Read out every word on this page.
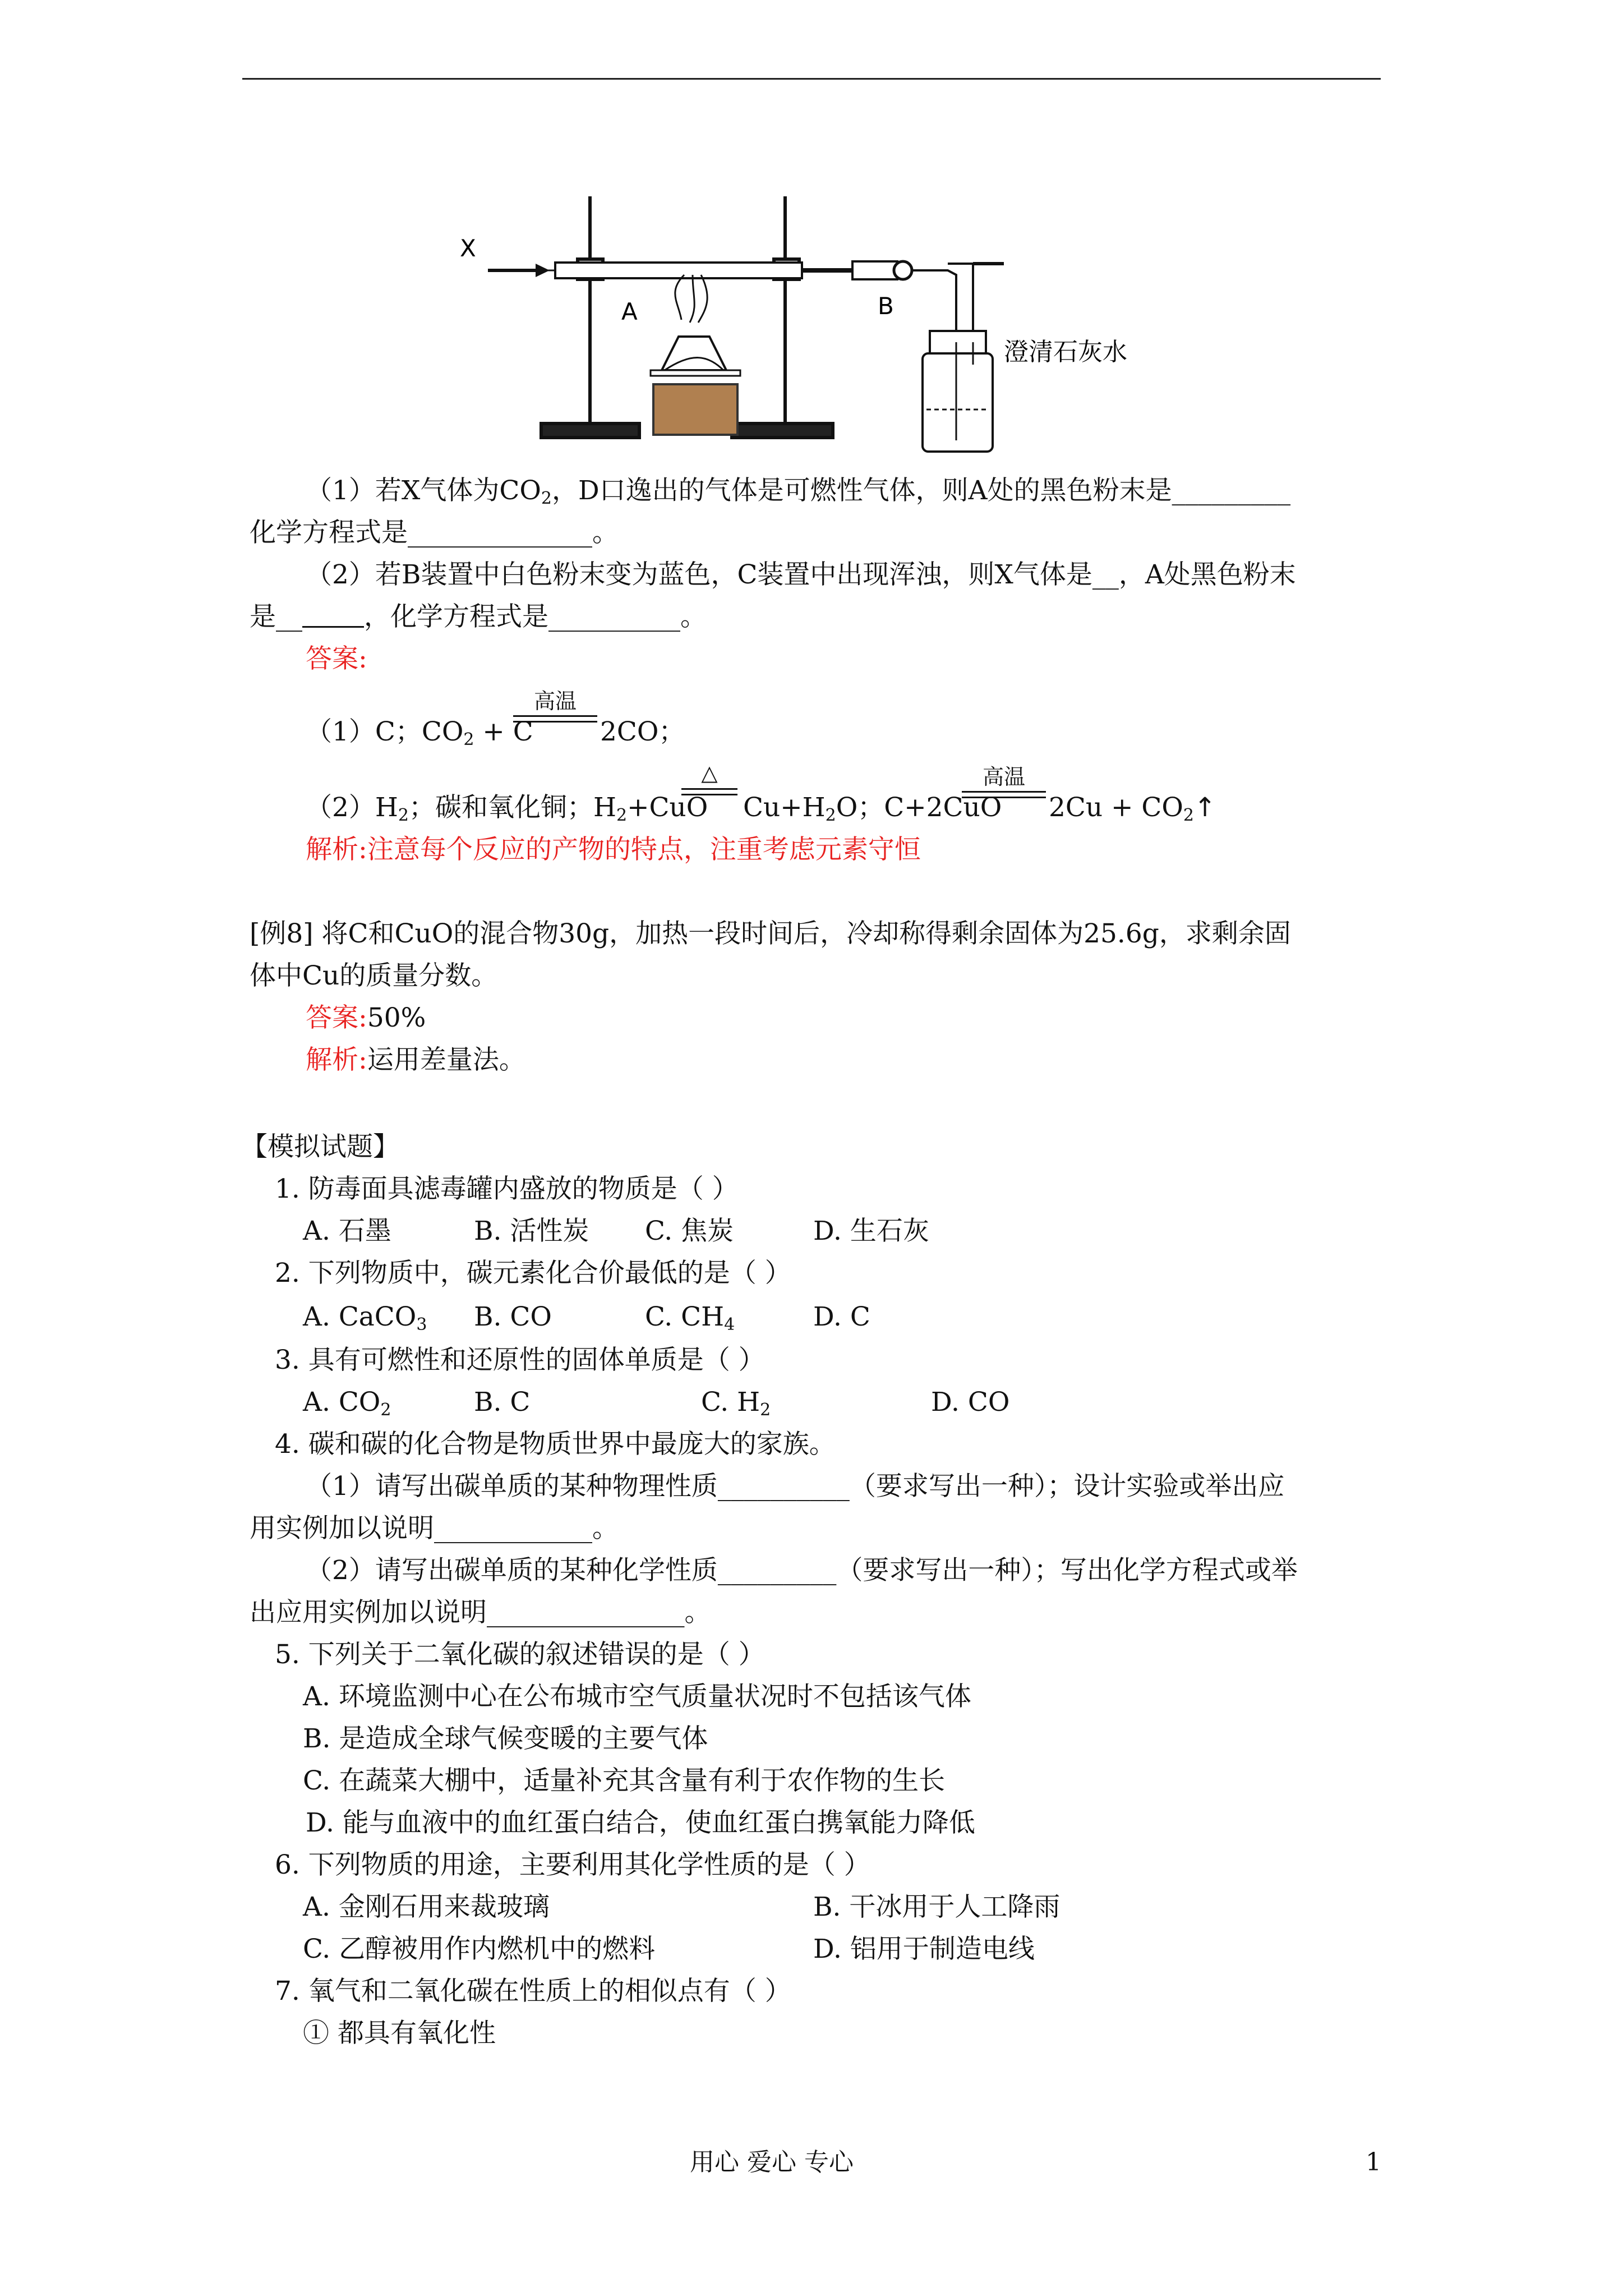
X
A	B
澄清石灰水
（1）若X气体为$CO_2$，D口逸出的气体是可燃性气体，则A处的黑色粉末是_________
化学方程式是______________。
（2）若B装置中白色粉末变为蓝色，C装置中出现浑浊，则X气体是__，A处黑色粉末
是__ ，化学方程式是__________。
答案:
（1）C；$CO_2 + C$
高温
2CO；
$(2)H_2$；碳和氧化铜；$H_2+CuO$
△
$Cu+H_2O$；C+2CuO
高温
$2Cu + CO_2↑$
解析:注意每个反应的产物的特点，注重考虑元素守恒
[例8] 将C和CuO的混合物30g，加热一段时间后，冷却称得剩余固体为25.6g，求剩余固
体中Cu的质量分数。
答案:50%
解析:运用差量法。
【模拟试题】
1. 防毒面具滤毒罐内盛放的物质是（ ）
A. 石墨	B. 活性炭 C. 焦炭	D. 生石灰
2. 下列物质中，碳元素化合价最低的是（ ）
A. CaCO$_3$ B. CO	C. $CH_4$	D. C
3. 具有可燃性和还原性的固体单质是（ ）
A. $CO_2$	B. C	C. $H_2$	D. CO
4. 碳和碳的化合物是物质世界中最庞大的家族。
（1）请写出碳单质的某种物理性质__________（要求写出一种）；设计实验或举出应
用实例加以说明____________。
（2）请写出碳单质的某种化学性质_________（要求写出一种）；写出化学方程式或举
出应用实例加以说明_______________。
5. 下列关于二氧化碳的叙述错误的是（ ）
A. 环境监测中心在公布城市空气质量状况时不包括该气体
B. 是造成全球气候变暖的主要气体
C. 在蔬菜大棚中，适量补充其含量有利于农作物的生长
D. 能与血液中的血红蛋白结合，使血红蛋白携氧能力降低
6. 下列物质的用途，主要利用其化学性质的是（ ）
A. 金刚石用来裁玻璃	B. 干冰用于人工降雨
C. 乙醇被用作内燃机中的燃料	D. 铝用于制造电线
7. 氧气和二氧化碳在性质上的相似点有（ ）
① 都具有氧化性
用心 爱心 专心	1
